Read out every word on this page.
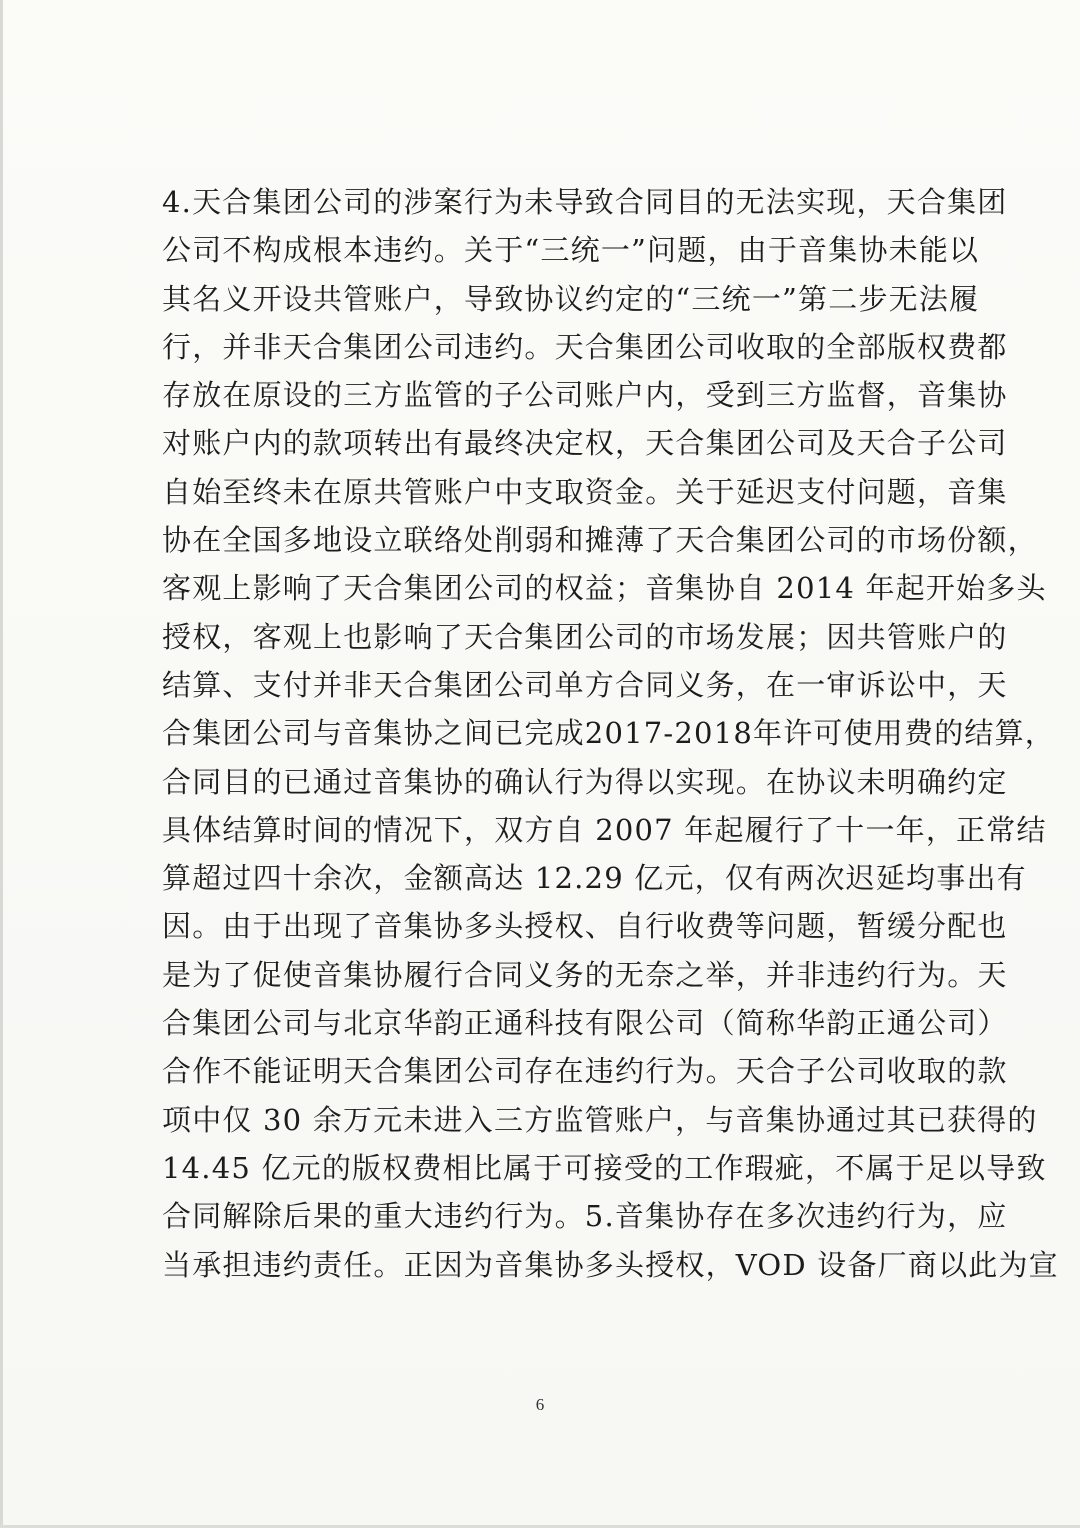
4.天合集团公司的涉案行为未导致合同目的无法实现，天合集团
公司不构成根本违约。关于“三统一”问题，由于音集协未能以
其名义开设共管账户，导致协议约定的“三统一”第二步无法履
行，并非天合集团公司违约。天合集团公司收取的全部版权费都
存放在原设的三方监管的子公司账户内，受到三方监督，音集协
对账户内的款项转出有最终决定权，天合集团公司及天合子公司
自始至终未在原共管账户中支取资金。关于延迟支付问题，音集
协在全国多地设立联络处削弱和摊薄了天合集团公司的市场份额，
客观上影响了天合集团公司的权益；音集协自 2014 年起开始多头
授权，客观上也影响了天合集团公司的市场发展；因共管账户的
结算、支付并非天合集团公司单方合同义务，在一审诉讼中，天
合集团公司与音集协之间已完成2017-2018年许可使用费的结算，
合同目的已通过音集协的确认行为得以实现。在协议未明确约定
具体结算时间的情况下，双方自 2007 年起履行了十一年，正常结
算超过四十余次，金额高达 12.29 亿元，仅有两次迟延均事出有
因。由于出现了音集协多头授权、自行收费等问题，暂缓分配也
是为了促使音集协履行合同义务的无奈之举，并非违约行为。天
合集团公司与北京华韵正通科技有限公司（简称华韵正通公司）
合作不能证明天合集团公司存在违约行为。天合子公司收取的款
项中仅 30 余万元未进入三方监管账户，与音集协通过其已获得的
14.45 亿元的版权费相比属于可接受的工作瑕疵，不属于足以导致
合同解除后果的重大违约行为。5.音集协存在多次违约行为，应
当承担违约责任。正因为音集协多头授权，VOD 设备厂商以此为宣
6
